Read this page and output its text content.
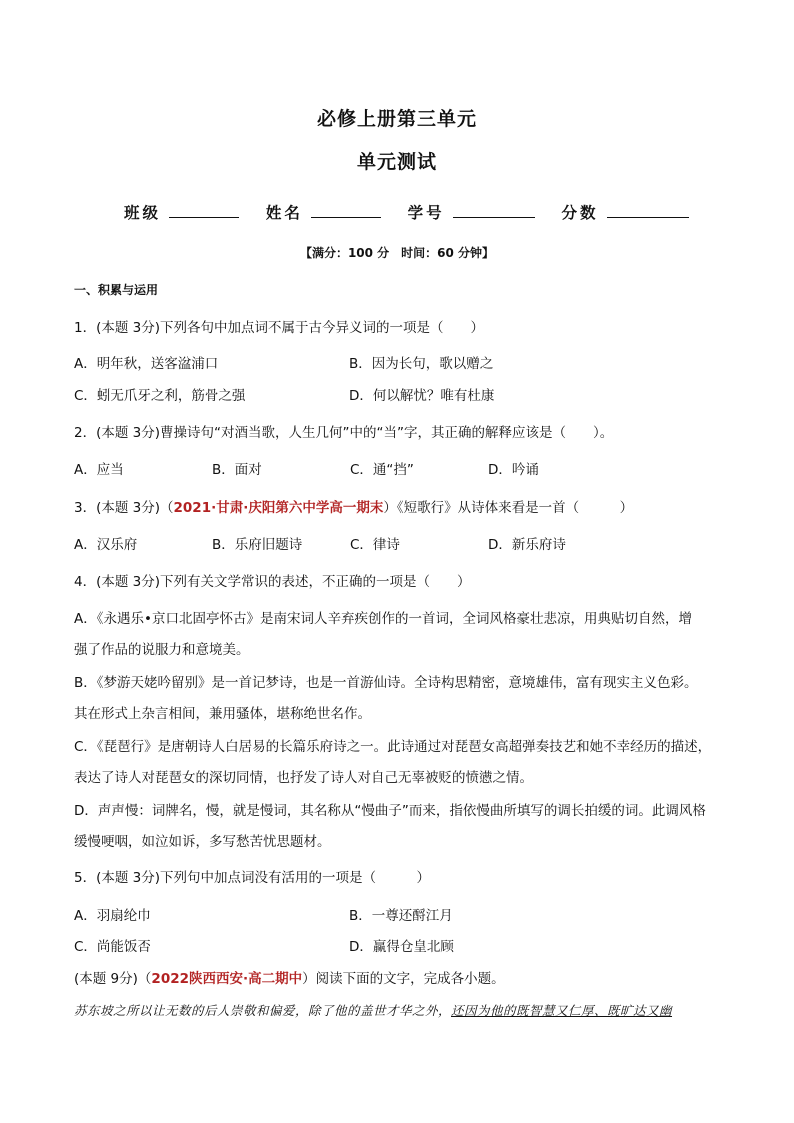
必修上册第三单元
单元测试
班级	姓名	学号	分数
【满分：100 分　时间：60 分钟】
一、积累与运用
1．(本题 3分)下列各句中加点词不属于古今异义词的一项是（　　）
A．明年秋，送客湓浦口	B．因为长句，歌以赠之
C．蚓无爪牙之利，筋骨之强	D．何以解忧？唯有杜康
2．(本题 3分)曹操诗句“对酒当歌，人生几何”中的“当”字，其正确的解释应该是（　　）。
A．应当	B．面对	C．通“挡”	D．吟诵
3．(本题 3分)（2021·甘肃·庆阳第六中学高一期末）《短歌行》从诗体来看是一首（　　　）
A．汉乐府	B．乐府旧题诗	C．律诗	D．新乐府诗
4．(本题 3分)下列有关文学常识的表述，不正确的一项是（　　）
A．《永遇乐•京口北固亭怀古》是南宋词人辛弃疾创作的一首词，全词风格豪壮悲凉，用典贴切自然，增
强了作品的说服力和意境美。
B．《梦游天姥吟留别》是一首记梦诗，也是一首游仙诗。全诗构思精密，意境雄伟，富有现实主义色彩。
其在形式上杂言相间，兼用骚体，堪称绝世名作。
C．《琵琶行》是唐朝诗人白居易的长篇乐府诗之一。此诗通过对琵琶女高超弹奏技艺和她不幸经历的描述，
表达了诗人对琵琶女的深切同情，也抒发了诗人对自己无辜被贬的愤懑之情。
D．声声慢：词牌名，慢，就是慢词，其名称从“慢曲子”而来，指依慢曲所填写的调长拍缓的词。此调风格
缓慢哽咽，如泣如诉，多写愁苦忧思题材。
5．(本题 3分)下列句中加点词没有活用的一项是（　　　）
A．羽扇纶巾	B．一尊还酹江月
C．尚能饭否	D．赢得仓皇北顾
(本题 9分)（2022陕西西安·高二期中）阅读下面的文字，完成各小题。
苏东坡之所以让无数的后人崇敬和偏爱，除了他的盖世才华之外，还因为他的既智慧又仁厚、既旷达又幽
